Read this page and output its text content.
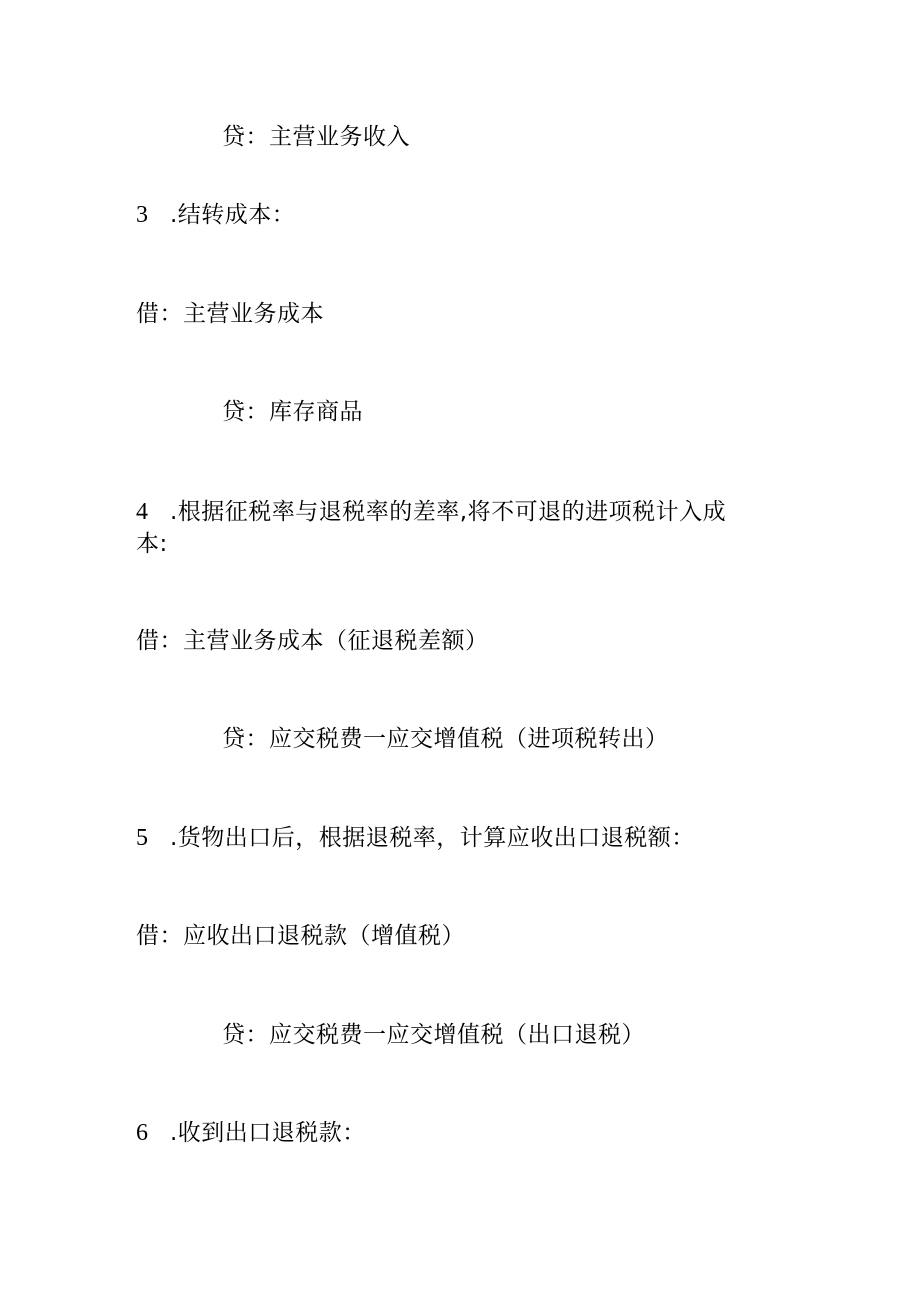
贷：主营业务收入
3 .结转成本：
借：主营业务成本
贷：库存商品
4 .根据征税率与退税率的差率,将不可退的进项税计入成
本:
借：主营业务成本（征退税差额）
贷：应交税费一应交增值税（进项税转出）
5 .货物出口后，根据退税率，计算应收出口退税额：
借：应收出口退税款（增值税）
贷：应交税费一应交增值税（出口退税）
6 .收到出口退税款：
